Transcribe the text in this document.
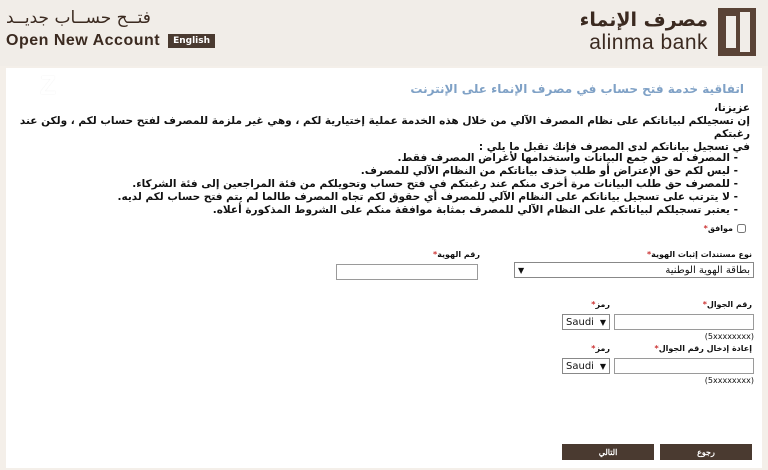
فتــح حســاب جديــد
Open New Account	English
مصرف الإنماء
alinma bank
Z	اتفاقية خدمة فتح حساب في مصرف الإنماء على الإنترنت

عزيزنا،

إن تسجيلكم لبياناتكم على نظام المصرف الآلي من خلال هذه الخدمة عملية إختيارية لكم ، وهي غير ملزمة للمصرف لفتح حساب لكم ، ولكن عند رغبتكم

في تسجيل بياناتكم لدى المصرف فإنك تقبل ما يلي :

- المصرف له حق جمع البيانات واستخدامها لأغراض المصرف فقط.
- ليس لكم حق الإعتراض أو طلب حذف بياناتكم من النظام الآلي للمصرف.
- للمصرف حق طلب البيانات مرة أخرى منكم عند رغبتكم في فتح حساب وتحويلكم من فئة المراجعين إلى فئة الشركاء.
- لا يترتب على تسجيل بياناتكم على النظام الآلي للمصرف أي حقوق لكم تجاه المصرف طالما لم يتم فتح حساب لكم لديه.
- يعتبر تسجيلكم لبياناتكم على النظام الآلي للمصرف بمثابة موافقة منكم على الشروط المذكورة أعلاه.
موافق*
نوع مستندات إثبات الهوية*
بطاقة الهوية الوطنية
▼
رقم الهوية*
رقم الجوال*
رمز*
Saudi ▼
(5xxxxxxxx)
إعادة إدخال رقم الجوال*
رمز*
Saudi ▼
(5xxxxxxxx)
رجوع
التالي
